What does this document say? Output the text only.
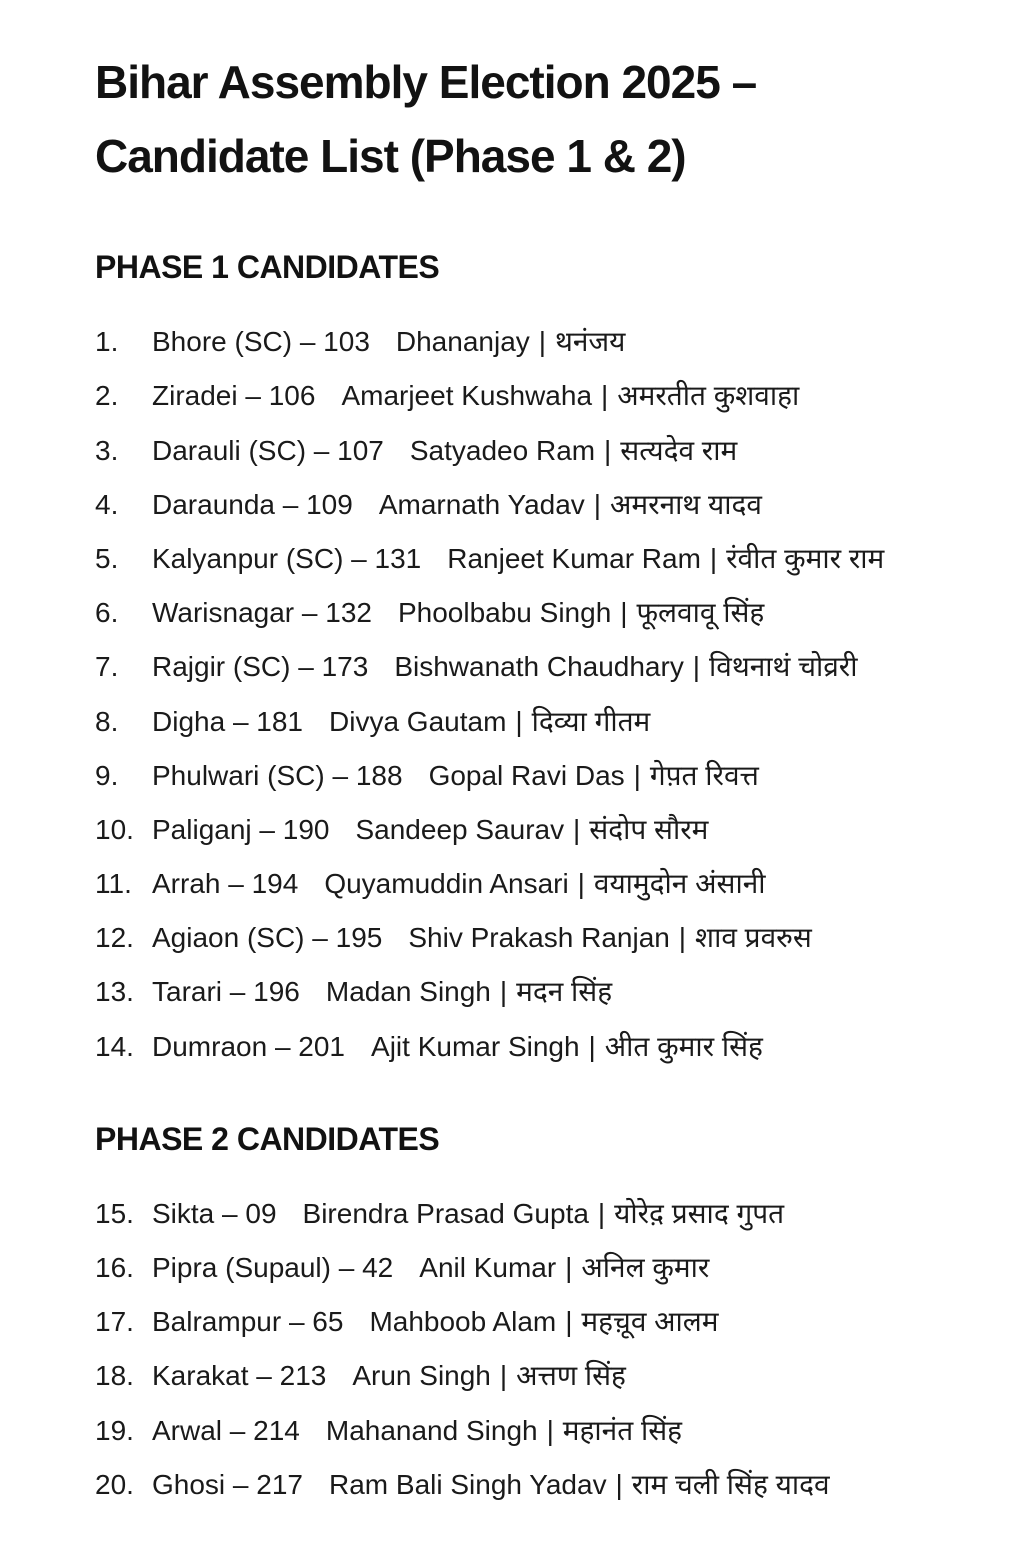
Bihar Assembly Election 2025 –
Candidate List (Phase 1 & 2)
PHASE 1 CANDIDATES
1.	Bhore (SC) – 103 Dhananjay | थनंजय
2.	Ziradei – 106 Amarjeet Kushwaha | अमरतीत कुशवाहा
3.	Darauli (SC) – 107 Satyadeo Ram | सत्यदेव राम
4.	Daraunda – 109 Amarnath Yadav | अमरनाथ यादव
5.	Kalyanpur (SC) – 131 Ranjeet Kumar Ram | रंवीत कुमार राम
6.	Warisnagar – 132 Phoolbabu Singh | फूलवावू सिंह
7.	Rajgir (SC) – 173 Bishwanath Chaudhary | विथनाथं चोव्ररी
8.	Digha – 181 Divya Gautam | दिव्या गीतम
9.	Phulwari (SC) – 188 Gopal Ravi Das | गेप़त रिवत्त
10. Paliganj – 190 Sandeep Saurav | संदोप सौरम
11. Arrah – 194 Quyamuddin Ansari | वयामुदोन अंसानी
12. Agiaon (SC) – 195 Shiv Prakash Ranjan | शाव प्रवरुस
13. Tarari – 196 Madan Singh | मदन सिंह
14. Dumraon – 201 Ajit Kumar Singh | अीत कुमार सिंह
PHASE 2 CANDIDATES
15. Sikta – 09 Birendra Prasad Gupta | योरेद़ प्रसाद गुपत
16. Pipra (Supaul) – 42 Anil Kumar | अनिल कुमार
17. Balrampur – 65 Mahboob Alam | महच़ूव आलम
18. Karakat – 213 Arun Singh | अत्तण सिंह
19. Arwal – 214 Mahanand Singh | महानंत सिंह
20. Ghosi – 217 Ram Bali Singh Yadav | राम चली सिंह यादव
